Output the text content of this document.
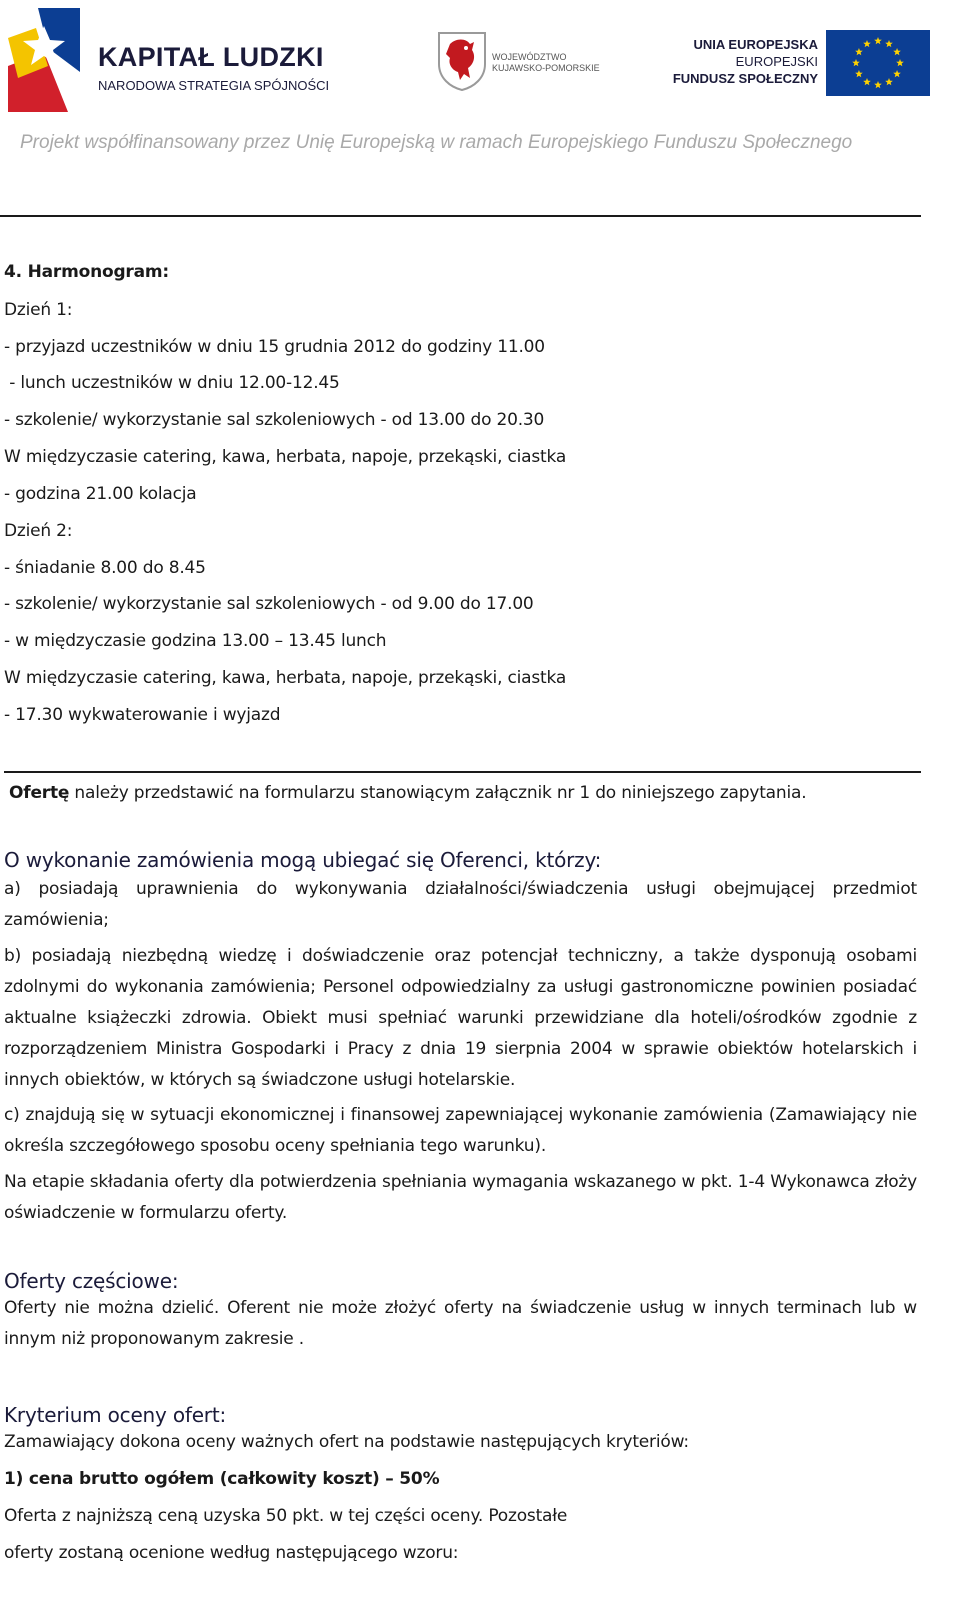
KAPITAŁ LUDZKI
NARODOWA STRATEGIA SPÓJNOŚCI
WOJEWÓDZTWO
KUJAWSKO-POMORSKIE
UNIA EUROPEJSKA
EUROPEJSKI
FUNDUSZ SPOŁECZNY
Projekt współfinansowany przez Unię Europejską w ramach Europejskiego Funduszu Społecznego
4. Harmonogram:
Dzień 1:
- przyjazd uczestników w dniu 15 grudnia 2012 do godziny 11.00
- lunch uczestników w dniu 12.00-12.45
- szkolenie/ wykorzystanie sal szkoleniowych - od 13.00 do 20.30
W międzyczasie catering, kawa, herbata, napoje, przekąski, ciastka
- godzina 21.00 kolacja
Dzień 2:
- śniadanie 8.00 do 8.45
- szkolenie/ wykorzystanie sal szkoleniowych - od 9.00 do 17.00
- w międzyczasie godzina 13.00 – 13.45 lunch
W międzyczasie catering, kawa, herbata, napoje, przekąski, ciastka
- 17.30 wykwaterowanie i wyjazd
Ofertę należy przedstawić na formularzu stanowiącym załącznik nr 1 do niniejszego zapytania.
O wykonanie zamówienia mogą ubiegać się Oferenci, którzy:
a) posiadają uprawnienia do wykonywania działalności/świadczenia usługi obejmującej przedmiot zamówienia;
b) posiadają niezbędną wiedzę i doświadczenie oraz potencjał techniczny, a także dysponują osobami zdolnymi do wykonania zamówienia; Personel odpowiedzialny za usługi gastronomiczne powinien posiadać aktualne książeczki zdrowia. Obiekt musi spełniać warunki przewidziane dla hoteli/ośrodków zgodnie z rozporządzeniem Ministra Gospodarki i Pracy z dnia 19 sierpnia 2004 w sprawie obiektów hotelarskich i innych obiektów, w których są świadczone usługi hotelarskie.
c) znajdują się w sytuacji ekonomicznej i finansowej zapewniającej wykonanie zamówienia (Zamawiający nie określa szczegółowego sposobu oceny spełniania tego warunku).
Na etapie składania oferty dla potwierdzenia spełniania wymagania wskazanego w pkt. 1-4 Wykonawca złoży oświadczenie w formularzu oferty.
Oferty częściowe:
Oferty nie można dzielić. Oferent nie może złożyć oferty na świadczenie usług w innych terminach lub w innym niż proponowanym zakresie .
Kryterium oceny ofert:
Zamawiający dokona oceny ważnych ofert na podstawie następujących kryteriów:
1) cena brutto ogółem (całkowity koszt) – 50%
Oferta z najniższą ceną uzyska 50 pkt. w tej części oceny. Pozostałe
oferty zostaną ocenione według następującego wzoru:
